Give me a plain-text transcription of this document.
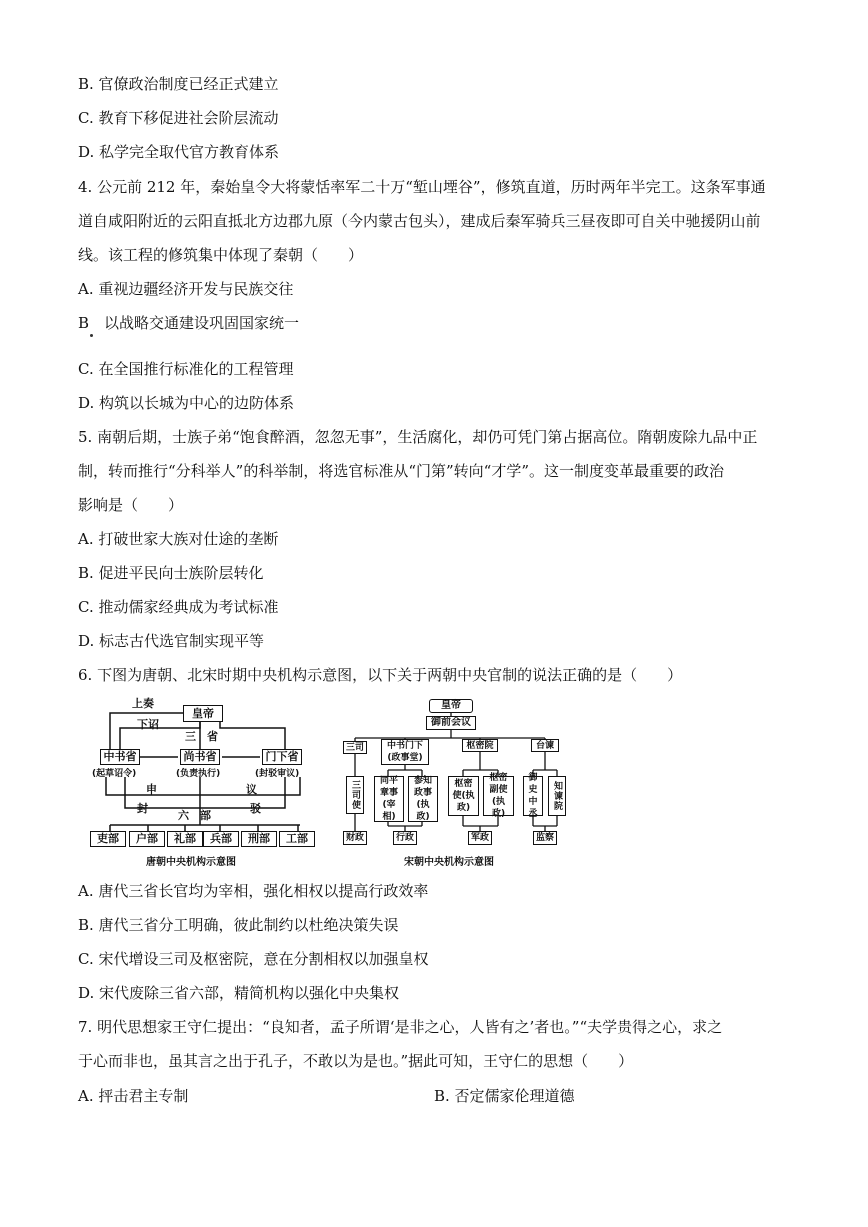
B. 官僚政治制度已经正式建立
C. 教育下移促进社会阶层流动
D. 私学完全取代官方教育体系
4. 公元前 212 年，秦始皇令大将蒙恬率军二十万“堑山堙谷”，修筑直道，历时两年半完工。这条军事通
道自咸阳附近的云阳直抵北方边郡九原（今内蒙古包头），建成后秦军骑兵三昼夜即可自关中驰援阴山前
线。该工程的修筑集中体现了秦朝（　　）
A. 重视边疆经济开发与民族交往
B　以战略交通建设巩固国家统一
C. 在全国推行标准化的工程管理
D. 构筑以长城为中心的边防体系
5. 南朝后期，士族子弟“饱食醉酒，忽忽无事”，生活腐化，却仍可凭门第占据高位。隋朝废除九品中正
制，转而推行“分科举人”的科举制，将选官标准从“门第”转向“才学”。这一制度变革最重要的政治
影响是（　　）
A. 打破世家大族对仕途的垄断
B. 促进平民向士族阶层转化
C. 推动儒家经典成为考试标准
D. 标志古代选官制实现平等
6. 下图为唐朝、北宋时期中央机构示意图，以下关于两朝中央官制的说法正确的是（　　）
A. 唐代三省长官均为宰相，强化相权以提高行政效率
B. 唐代三省分工明确，彼此制约以杜绝决策失误
C. 宋代增设三司及枢密院，意在分割相权以加强皇权
D. 宋代废除三省六部，精简机构以强化中央集权
7. 明代思想家王守仁提出：“良知者，孟子所谓‘是非之心，人皆有之’者也。”“夫学贵得之心，求之
于心而非也，虽其言之出于孔子，不敢以为是也。”据此可知，王守仁的思想（　　）
A. 抨击君主专制	B. 否定儒家伦理道德
皇帝
上奏
下诏
三　省
中书省
(起草诏令)
尚书省
(负责执行)
门下省
(封驳审议)
申	议
封	驳
六　部
吏部	户部	礼部	兵部	刑部	工部
唐朝中央机构示意图
皇帝
御前会议
三司	中书门下
(政事堂)
枢密院	台谏
三司使	同平章事(宰相)
参知政事(执政)
枢密使(执政)
枢密副使(执政)
御史中丞
知谏院
财政	行政	军政	监察
宋朝中央机构示意图
